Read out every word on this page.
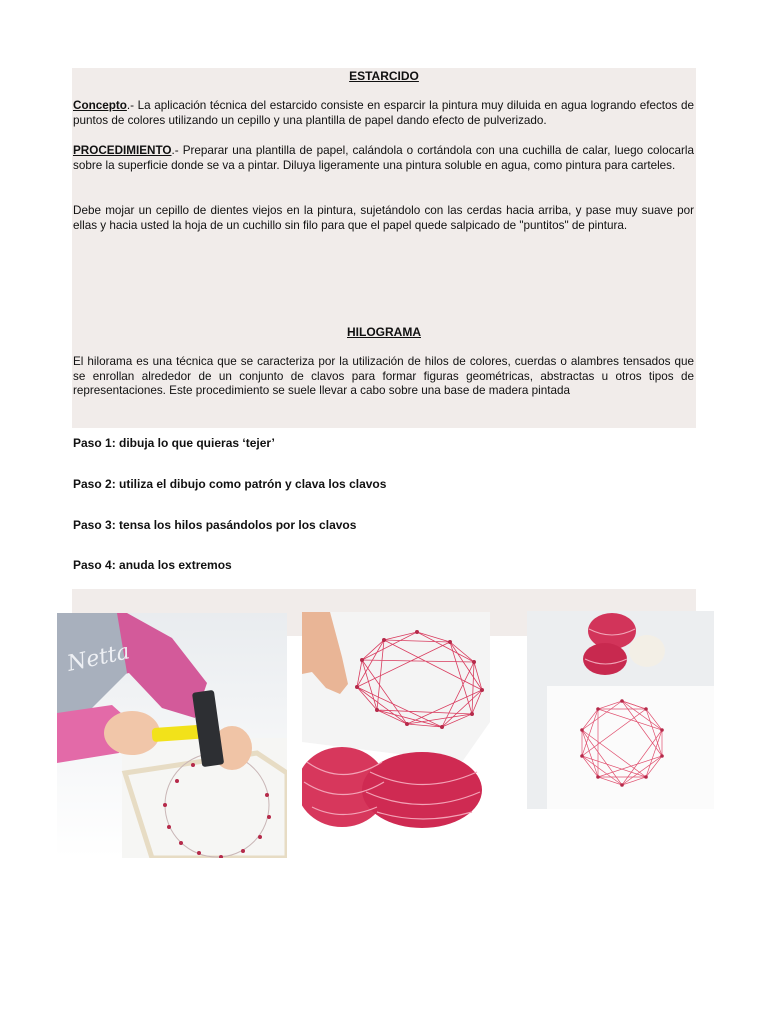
ESTARCIDO

Concepto.- La aplicación técnica del estarcido consiste en esparcir la pintura muy diluida en agua logrando efectos de puntos de colores utilizando un cepillo y una plantilla de papel dando efecto de pulverizado.

PROCEDIMIENTO.- Preparar una plantilla de papel, calándola o cortándola con una cuchilla de calar, luego colocarla sobre la superficie donde se va a pintar. Diluya ligeramente una pintura soluble en agua, como pintura para carteles.

Debe mojar un cepillo de dientes viejos en la pintura, sujetándolo con las cerdas hacia arriba, y pase muy suave por ellas y hacia usted la hoja de un cuchillo sin filo para que el papel quede salpicado de "puntitos" de pintura.

HILOGRAMA

El hilorama es una técnica que se caracteriza por la utilización de hilos de colores, cuerdas o alambres tensados que se enrollan alrededor de un conjunto de clavos para formar figuras geométricas, abstractas u otros tipos de representaciones. Este procedimiento se suele llevar a cabo sobre una base de madera pintada

Paso 1: dibuja lo que quieras ‘tejer’

Paso 2: utiliza el dibujo como patrón y clava los clavos

Paso 3: tensa los hilos pasándolos por los clavos

Paso 4: anuda los extremos

Netta
